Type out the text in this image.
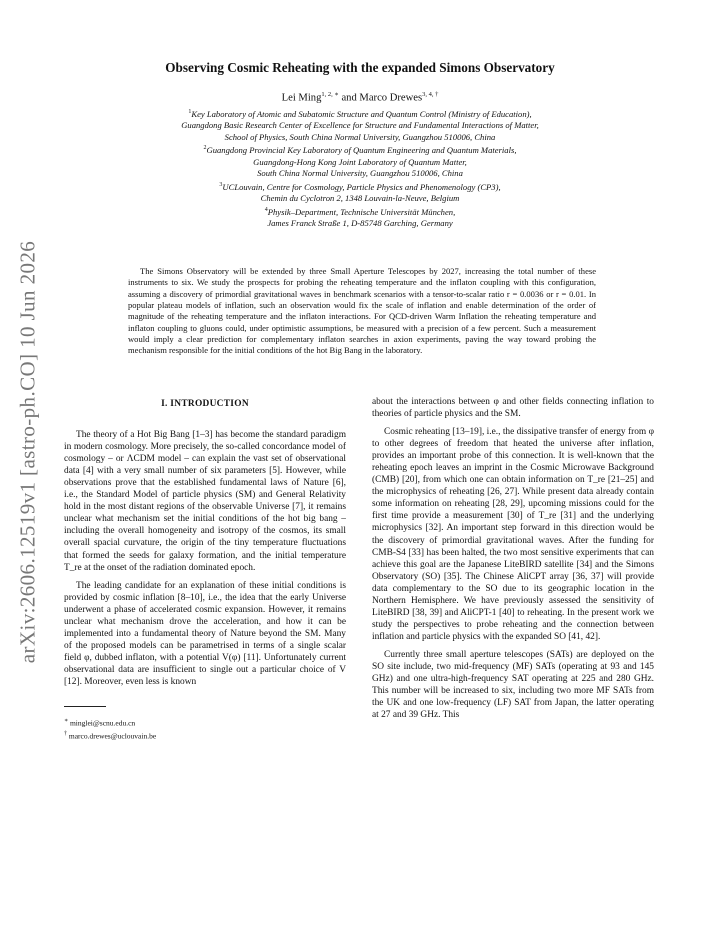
arXiv:2606.12519v1 [astro-ph.CO] 10 Jun 2026
Observing Cosmic Reheating with the expanded Simons Observatory
Lei Ming$^{1, 2, ∗}$ and Marco Drewes$^{3, 4, \dagger}$
$^1$Key Laboratory of Atomic and Subatomic Structure and Quantum Control (Ministry of Education),
Guangdong Basic Research Center of Excellence for Structure and Fundamental Interactions of Matter,
School of Physics, South China Normal University, Guangzhou 510006, China
$^2$Guangdong Provincial Key Laboratory of Quantum Engineering and Quantum Materials,
Guangdong-Hong Kong Joint Laboratory of Quantum Matter,
South China Normal University, Guangzhou 510006, China
$^3$UCLouvain, Centre for Cosmology, Particle Physics and Phenomenology (CP3),
Chemin du Cyclotron 2, 1348 Louvain-la-Neuve, Belgium
$^4$Physik–Department, Technische Universität München,
James Franck Straße 1, D-85748 Garching, Germany
The Simons Observatory will be extended by three Small Aperture Telescopes by 2027, increasing the total number of these instruments to six. We study the prospects for probing the reheating temperature and the inflaton coupling with this configuration, assuming a discovery of primordial gravitational waves in benchmark scenarios with a tensor-to-scalar ratio r = 0.0036 or r = 0.01. In popular plateau models of inflation, such an observation would fix the scale of inflation and enable determination of the order of magnitude of the reheating temperature and the inflaton interactions. For QCD-driven Warm Inflation the reheating temperature and inflaton coupling to gluons could, under optimistic assumptions, be measured with a precision of a few percent. Such a measurement would imply a clear prediction for complementary inflaton searches in axion experiments, paving the way toward probing the mechanism responsible for the initial conditions of the hot Big Bang in the laboratory.
I. INTRODUCTION

The theory of a Hot Big Bang [1–3] has become the standard paradigm in modern cosmology. More precisely, the so-called concordance model of cosmology – or ΛCDM model – can explain the vast set of observational data [4] with a very small number of six parameters [5]. However, while observations prove that the established fundamental laws of Nature [6], i.e., the Standard Model of particle physics (SM) and General Relativity hold in the most distant regions of the observable Universe [7], it remains unclear what mechanism set the initial conditions of the hot big bang – including the overall homogeneity and isotropy of the cosmos, its small overall spacial curvature, the origin of the tiny temperature fluctuations that formed the seeds for galaxy formation, and the initial temperature T_re at the onset of the radiation dominated epoch.

The leading candidate for an explanation of these initial conditions is provided by cosmic inflation [8–10], i.e., the idea that the early Universe underwent a phase of accelerated cosmic expansion. However, it remains unclear what mechanism drove the acceleration, and how it can be implemented into a fundamental theory of Nature beyond the SM. Many of the proposed models can be parametrised in terms of a single scalar field φ, dubbed inflaton, with a potential V(φ) [11]. Unfortunately current observational data are insufficient to single out a particular choice of V [12]. Moreover, even less is known

∗ minglei@scnu.edu.cn
† marco.drewes@uclouvain.be

about the interactions between φ and other fields connecting inflation to theories of particle physics and the SM.

Cosmic reheating [13–19], i.e., the dissipative transfer of energy from φ to other degrees of freedom that heated the universe after inflation, provides an important probe of this connection. It is well-known that the reheating epoch leaves an imprint in the Cosmic Microwave Background (CMB) [20], from which one can obtain information on T_re [21–25] and the microphysics of reheating [26, 27]. While present data already contain some information on reheating [28, 29], upcoming missions could for the first time provide a measurement [30] of T_re [31] and the underlying microphysics [32]. An important step forward in this direction would be the discovery of primordial gravitational waves. After the funding for CMB-S4 [33] has been halted, the two most sensitive experiments that can achieve this goal are the Japanese LiteBIRD satellite [34] and the Simons Observatory (SO) [35]. The Chinese AliCPT array [36, 37] will provide data complementary to the SO due to its geographic location in the Northern Hemisphere. We have previously assessed the sensitivity of LiteBIRD [38, 39] and AliCPT-1 [40] to reheating. In the present work we study the perspectives to probe reheating and the connection between inflation and particle physics with the expanded SO [41, 42].

Currently three small aperture telescopes (SATs) are deployed on the SO site include, two mid-frequency (MF) SATs (operating at 93 and 145 GHz) and one ultra-high-frequency SAT operating at 225 and 280 GHz. This number will be increased to six, including two more MF SATs from the UK and one low-frequency (LF) SAT from Japan, the latter operating at 27 and 39 GHz. This
